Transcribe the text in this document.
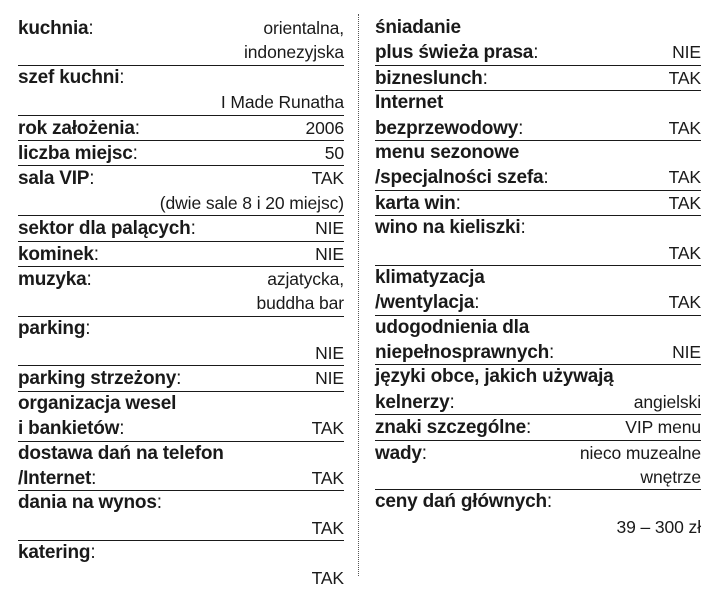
kuchnia:	orientalna,
indonezyjska
szef kuchni:
I Made Runatha
rok założenia:	2006
liczba miejsc:	50
sala VIP:	TAK
(dwie sale 8 i 20 miejsc)
sektor dla palących:	NIE
kominek:	NIE
muzyka:	azjatycka,
buddha bar
parking:
NIE
parking strzeżony:	NIE
organizacja wesel
i bankietów:	TAK
dostawa dań na telefon
/Internet:	TAK
dania na wynos:
TAK
katering:
TAK
śniadanie
plus świeża prasa:	NIE
bizneslunch:	TAK
Internet
bezprzewodowy:	TAK
menu sezonowe
/specjalności szefa:	TAK
karta win:	TAK
wino na kieliszki:
TAK
klimatyzacja
/wentylacja:	TAK
udogodnienia dla
niepełnosprawnych:	NIE
języki obce, jakich używają
kelnerzy:	angielski
znaki szczególne:	VIP menu
wady:	nieco muzealne
wnętrze
ceny dań głównych:
39 – 300 zł
